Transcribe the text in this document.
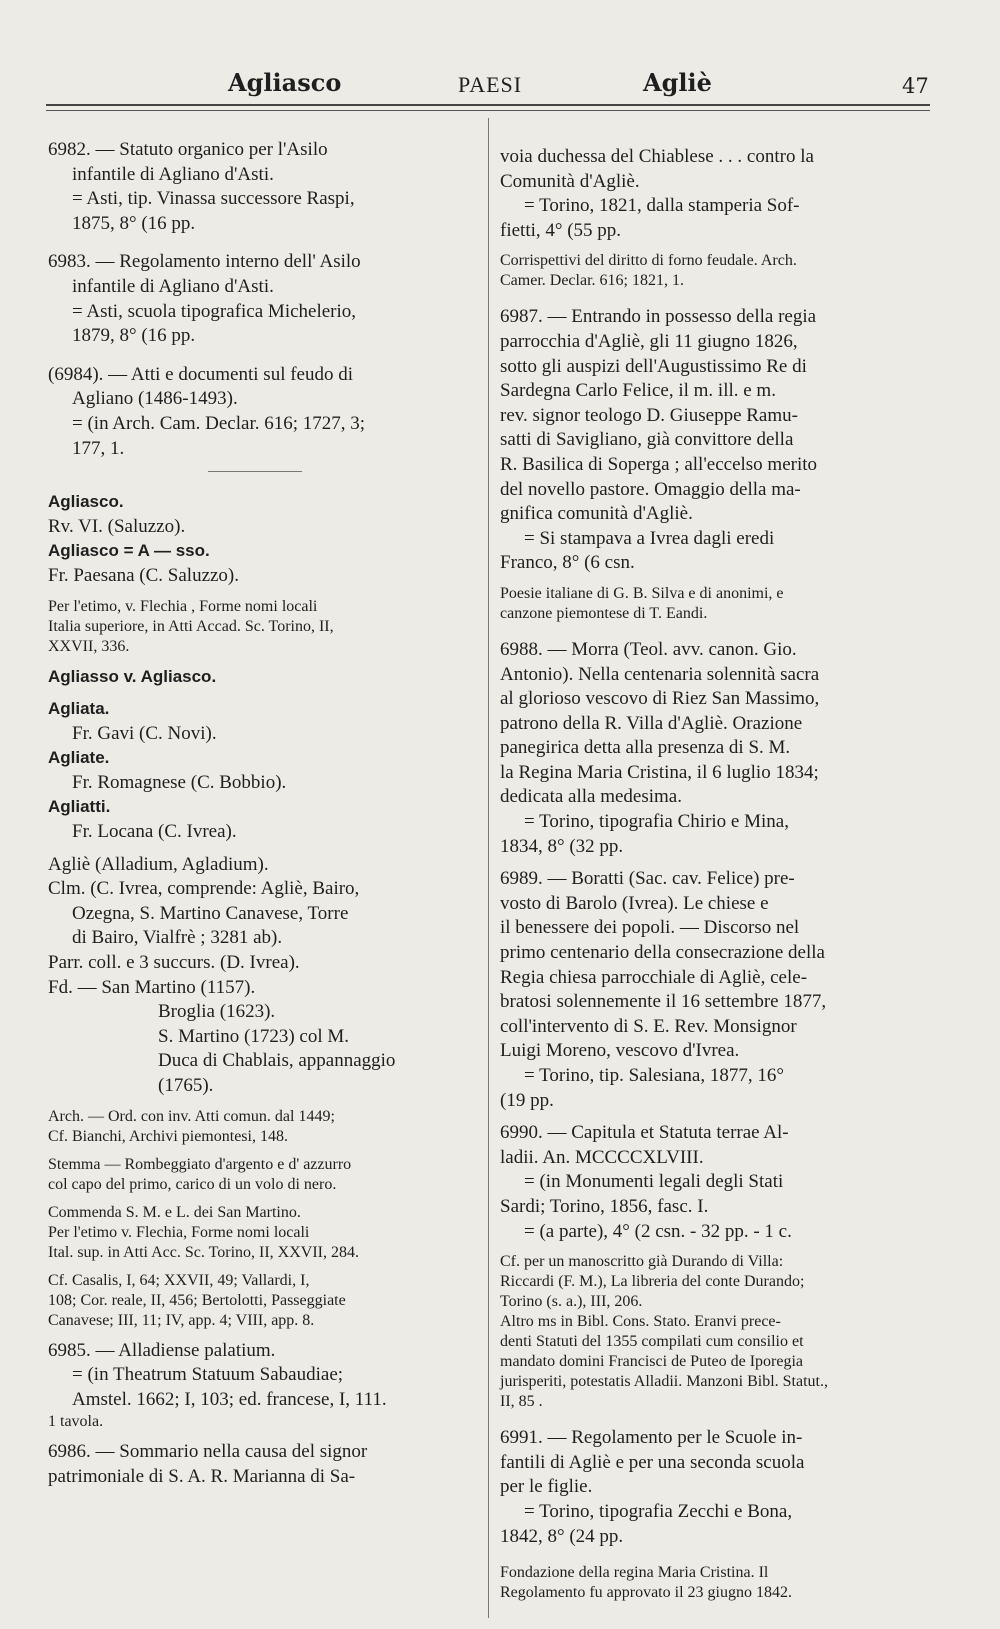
Agliasco	PAESI	Agliè	47

6982. — Statuto organico per l'Asilo

infantile di Agliano d'Asti.

= Asti, tip. Vinassa successore Raspi,

1875, 8° (16 pp.

6983. — Regolamento interno dell' Asilo

infantile di Agliano d'Asti.

= Asti, scuola tipografica Michelerio,

1879, 8° (16 pp.

(6984). — Atti e documenti sul feudo di

Agliano (1486-1493).

= (in Arch. Cam. Declar. 616; 1727, 3;

177, 1.

Agliasco.

Rv. VI. (Saluzzo).

Agliasco = A — sso.

Fr. Paesana (C. Saluzzo).

Per l'etimo, v. Flechia , Forme nomi locali

Italia superiore, in Atti Accad. Sc. Torino, II,

XXVII, 336.

Agliasso v. Agliasco.

Agliata.

Fr. Gavi (C. Novi).

Agliate.

Fr. Romagnese (C. Bobbio).

Agliatti.

Fr. Locana (C. Ivrea).

Agliè (Alladium, Agladium).

Clm. (C. Ivrea, comprende: Agliè, Bairo,

Ozegna, S. Martino Canavese, Torre

di Bairo, Vialfrè ; 3281 ab).

Parr. coll. e 3 succurs. (D. Ivrea).

Fd. — San Martino (1157).

Broglia (1623).

S. Martino (1723) col M.

Duca di Chablais, appannaggio

(1765).

Arch. — Ord. con inv. Atti comun. dal 1449;

Cf. Bianchi, Archivi piemontesi, 148.

Stemma — Rombeggiato d'argento e d' azzurro

col capo del primo, carico di un volo di nero.

Commenda S. M. e L. dei San Martino.

Per l'etimo v. Flechia, Forme nomi locali

Ital. sup. in Atti Acc. Sc. Torino, II, XXVII, 284.

Cf. Casalis, I, 64; XXVII, 49; Vallardi, I,

108; Cor. reale, II, 456; Bertolotti, Passeggiate

Canavese; III, 11; IV, app. 4; VIII, app. 8.

6985. — Alladiense palatium.

= (in Theatrum Statuum Sabaudiae;

Amstel. 1662; I, 103; ed. francese, I, 111.

1 tavola.

6986. — Sommario nella causa del signor

patrimoniale di S. A. R. Marianna di Sa-

voia duchessa del Chiablese . . . contro la

Comunità d'Agliè.

= Torino, 1821, dalla stamperia Sof-

fietti, 4° (55 pp.

Corrispettivi del diritto di forno feudale. Arch.

Camer. Declar. 616; 1821, 1.

6987. — Entrando in possesso della regia

parrocchia d'Agliè, gli 11 giugno 1826,

sotto gli auspizi dell'Augustissimo Re di

Sardegna Carlo Felice, il m. ill. e m.

rev. signor teologo D. Giuseppe Ramu-

satti di Savigliano, già convittore della

R. Basilica di Soperga ; all'eccelso merito

del novello pastore. Omaggio della ma-

gnifica comunità d'Agliè.

= Si stampava a Ivrea dagli eredi

Franco, 8° (6 csn.

Poesie italiane di G. B. Silva e di anonimi, e

canzone piemontese di T. Eandi.

6988. — Morra (Teol. avv. canon. Gio.

Antonio). Nella centenaria solennità sacra

al glorioso vescovo di Riez San Massimo,

patrono della R. Villa d'Agliè. Orazione

panegirica detta alla presenza di S. M.

la Regina Maria Cristina, il 6 luglio 1834;

dedicata alla medesima.

= Torino, tipografia Chirio e Mina,

1834, 8° (32 pp.

6989. — Boratti (Sac. cav. Felice) pre-

vosto di Barolo (Ivrea). Le chiese e

il benessere dei popoli. — Discorso nel

primo centenario della consecrazione della

Regia chiesa parrocchiale di Agliè, cele-

bratosi solennemente il 16 settembre 1877,

coll'intervento di S. E. Rev. Monsignor

Luigi Moreno, vescovo d'Ivrea.

= Torino, tip. Salesiana, 1877, 16°

(19 pp.

6990. — Capitula et Statuta terrae Al-

ladii. An. MCCCCXLVIII.

= (in Monumenti legali degli Stati

Sardi; Torino, 1856, fasc. I.

= (a parte), 4° (2 csn. - 32 pp. - 1 c.

Cf. per un manoscritto già Durando di Villa:

Riccardi (F. M.), La libreria del conte Durando;

Torino (s. a.), III, 206.

Altro ms in Bibl. Cons. Stato. Eranvi prece-

denti Statuti del 1355 compilati cum consilio et

mandato domini Francisci de Puteo de Iporegia

jurisperiti, potestatis Alladii. Manzoni Bibl. Statut.,

II, 85 .

6991. — Regolamento per le Scuole in-

fantili di Agliè e per una seconda scuola

per le figlie.

= Torino, tipografia Zecchi e Bona,

1842, 8° (24 pp.

Fondazione della regina Maria Cristina. Il

Regolamento fu approvato il 23 giugno 1842.
